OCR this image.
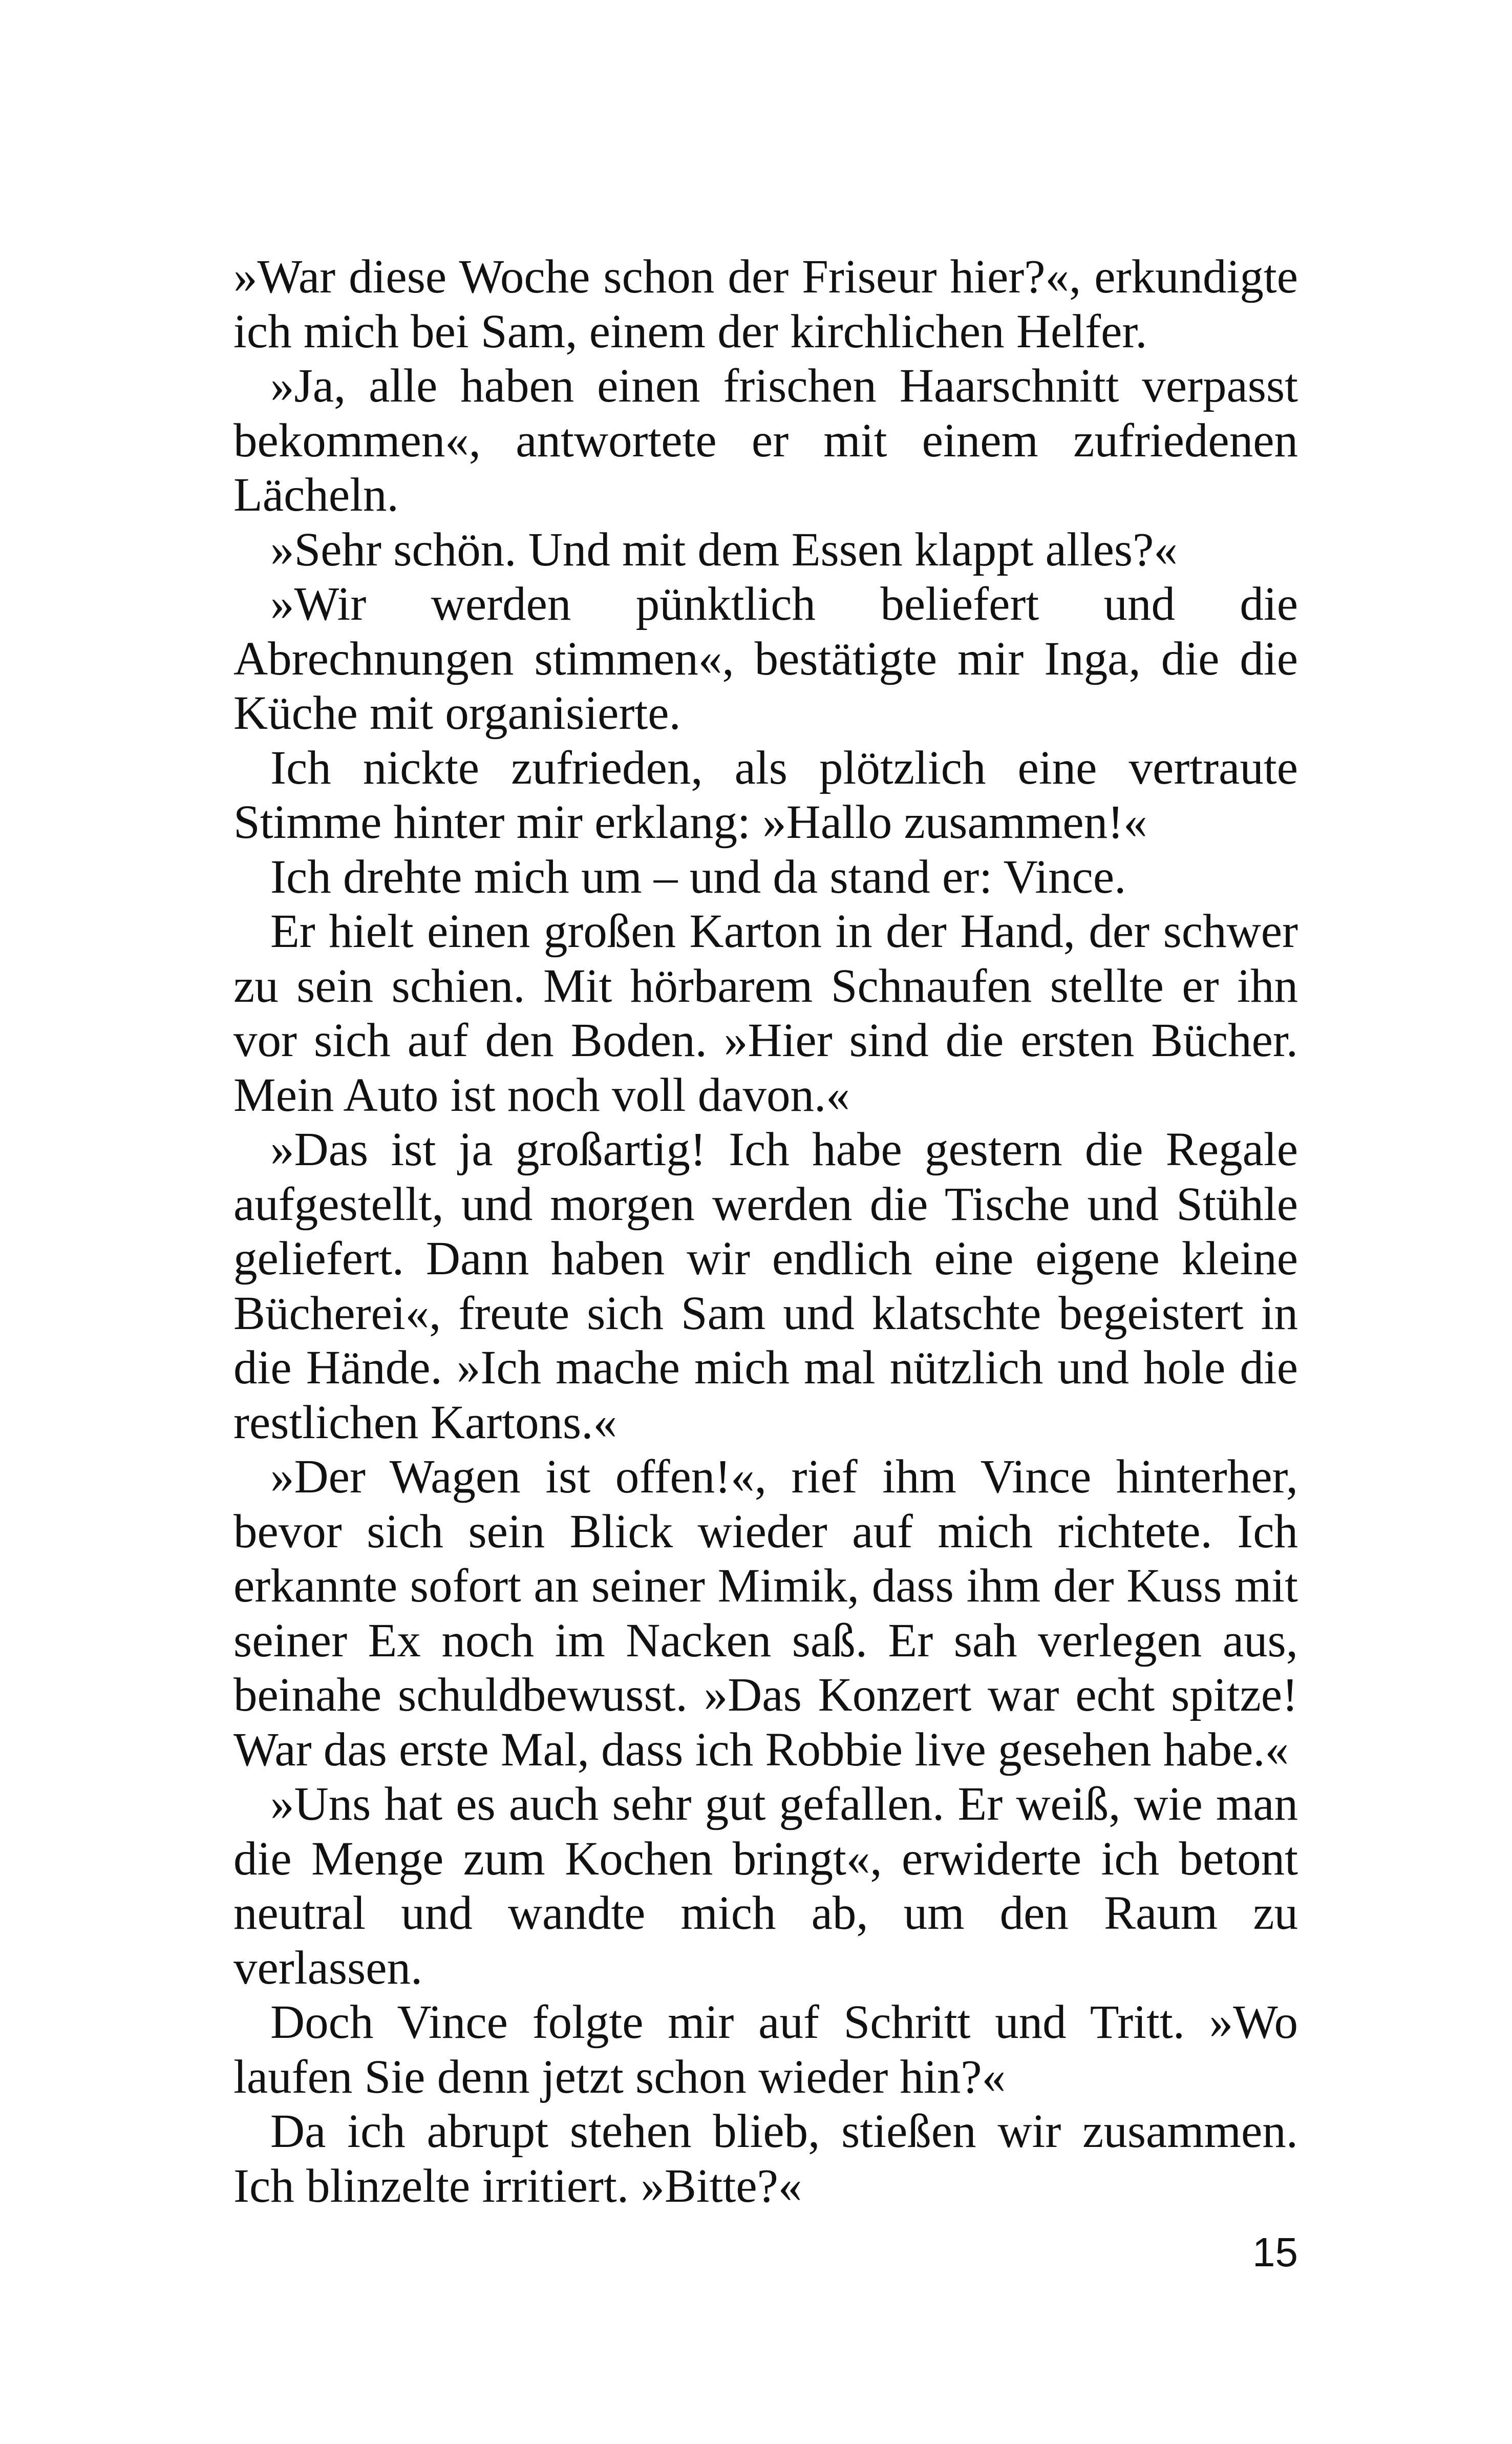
»War diese Woche schon der Friseur hier?«, erkundigte ich mich bei Sam, einem der kirchlichen Helfer.

»Ja, alle haben einen frischen Haarschnitt verpasst bekommen«, antwortete er mit einem zufriedenen Lächeln.

»Sehr schön. Und mit dem Essen klappt alles?«

»Wir werden pünktlich beliefert und die Abrechnungen stimmen«, bestätigte mir Inga, die die Küche mit organisierte.

Ich nickte zufrieden, als plötzlich eine vertraute Stimme hinter mir erklang: »Hallo zusammen!«

Ich drehte mich um – und da stand er: Vince.

Er hielt einen großen Karton in der Hand, der schwer zu sein schien. Mit hörbarem Schnaufen stellte er ihn vor sich auf den Boden. »Hier sind die ersten Bücher. Mein Auto ist noch voll davon.«

»Das ist ja großartig! Ich habe gestern die Regale aufgestellt, und morgen werden die Tische und Stühle geliefert. Dann haben wir endlich eine eigene kleine Bücherei«, freute sich Sam und klatschte begeistert in die Hände. »Ich mache mich mal nützlich und hole die restlichen Kartons.«

»Der Wagen ist offen!«, rief ihm Vince hinterher, bevor sich sein Blick wieder auf mich richtete. Ich erkannte sofort an seiner Mimik, dass ihm der Kuss mit seiner Ex noch im Nacken saß. Er sah verlegen aus, beinahe schuldbewusst. »Das Konzert war echt spitze! War das erste Mal, dass ich Robbie live gesehen habe.«

»Uns hat es auch sehr gut gefallen. Er weiß, wie man die Menge zum Kochen bringt«, erwiderte ich betont neutral und wandte mich ab, um den Raum zu verlassen.

Doch Vince folgte mir auf Schritt und Tritt. »Wo laufen Sie denn jetzt schon wieder hin?«

Da ich abrupt stehen blieb, stießen wir zusammen. Ich blinzelte irritiert. »Bitte?«

15
